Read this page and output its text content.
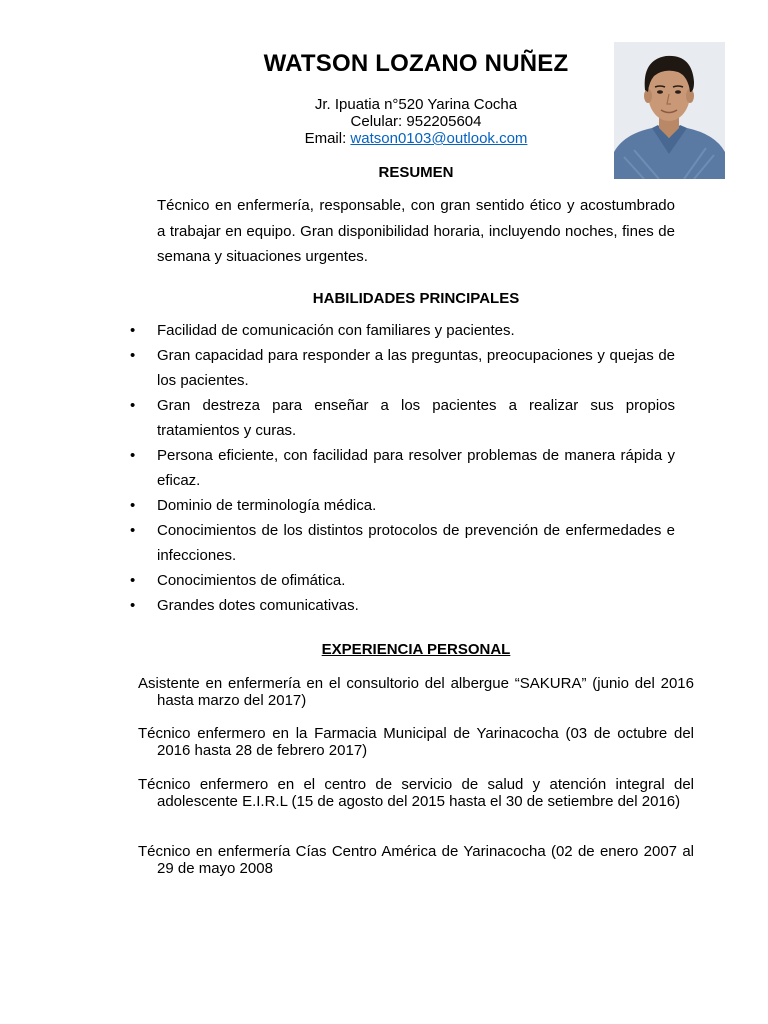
WATSON LOZANO NUÑEZ
Jr. Ipuatia n°520 Yarina Cocha
Celular: 952205604
Email: watson0103@outlook.com
RESUMEN

Técnico en enfermería, responsable, con gran sentido ético y acostumbrado a trabajar en equipo. Gran disponibilidad horaria, incluyendo noches, fines de semana y situaciones urgentes.

HABILIDADES PRINCIPALES
• Facilidad de comunicación con familiares y pacientes.
• Gran capacidad para responder a las preguntas, preocupaciones y quejas de los pacientes.
• Gran destreza para enseñar a los pacientes a realizar sus propios tratamientos y curas.
• Persona eficiente, con facilidad para resolver problemas de manera rápida y eficaz.
• Dominio de terminología médica.
• Conocimientos de los distintos protocolos de prevención de enfermedades e infecciones.
• Conocimientos de ofimática.
• Grandes dotes comunicativas.
EXPERIENCIA PERSONAL

Asistente en enfermería en el consultorio del albergue “SAKURA” (junio del 2016 hasta marzo del 2017)

Técnico enfermero en la Farmacia Municipal de Yarinacocha (03 de octubre del 2016 hasta 28 de febrero 2017)

Técnico enfermero en el centro de servicio de salud y atención integral del adolescente E.I.R.L (15 de agosto del 2015 hasta el 30 de setiembre del 2016)

Técnico en enfermería Cías Centro América de Yarinacocha (02 de enero 2007 al 29 de mayo 2008
